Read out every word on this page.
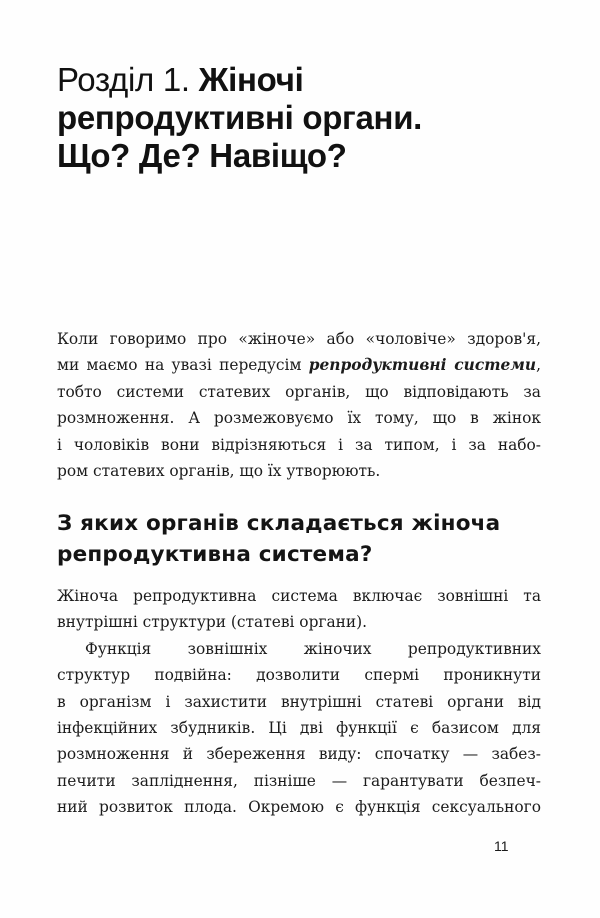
Розділ 1. Жіночі
репродуктивні органи.
Що? Де? Навіщо?
Коли говоримо про «жіноче» або «чоловіче» здоров'я,
ми маємо на увазі передусім репродуктивні системи,
тобто системи статевих органів, що відповідають за
розмноження. А розмежовуємо їх тому, що в жінок
і чоловіків вони відрізняються і за типом, і за набо-
ром статевих органів, що їх утворюють.
З яких органів складається жіноча
репродуктивна система?
Жіноча репродуктивна система включає зовнішні та
внутрішні структури (статеві органи).
Функція зовнішніх жіночих репродуктивних
структур подвійна: дозволити спермі проникнути
в організм і захистити внутрішні статеві органи від
інфекційних збудників. Ці дві функції є базисом для
розмноження й збереження виду: спочатку — забез-
печити запліднення, пізніше — гарантувати безпеч-
ний розвиток плода. Окремою є функція сексуального
11
